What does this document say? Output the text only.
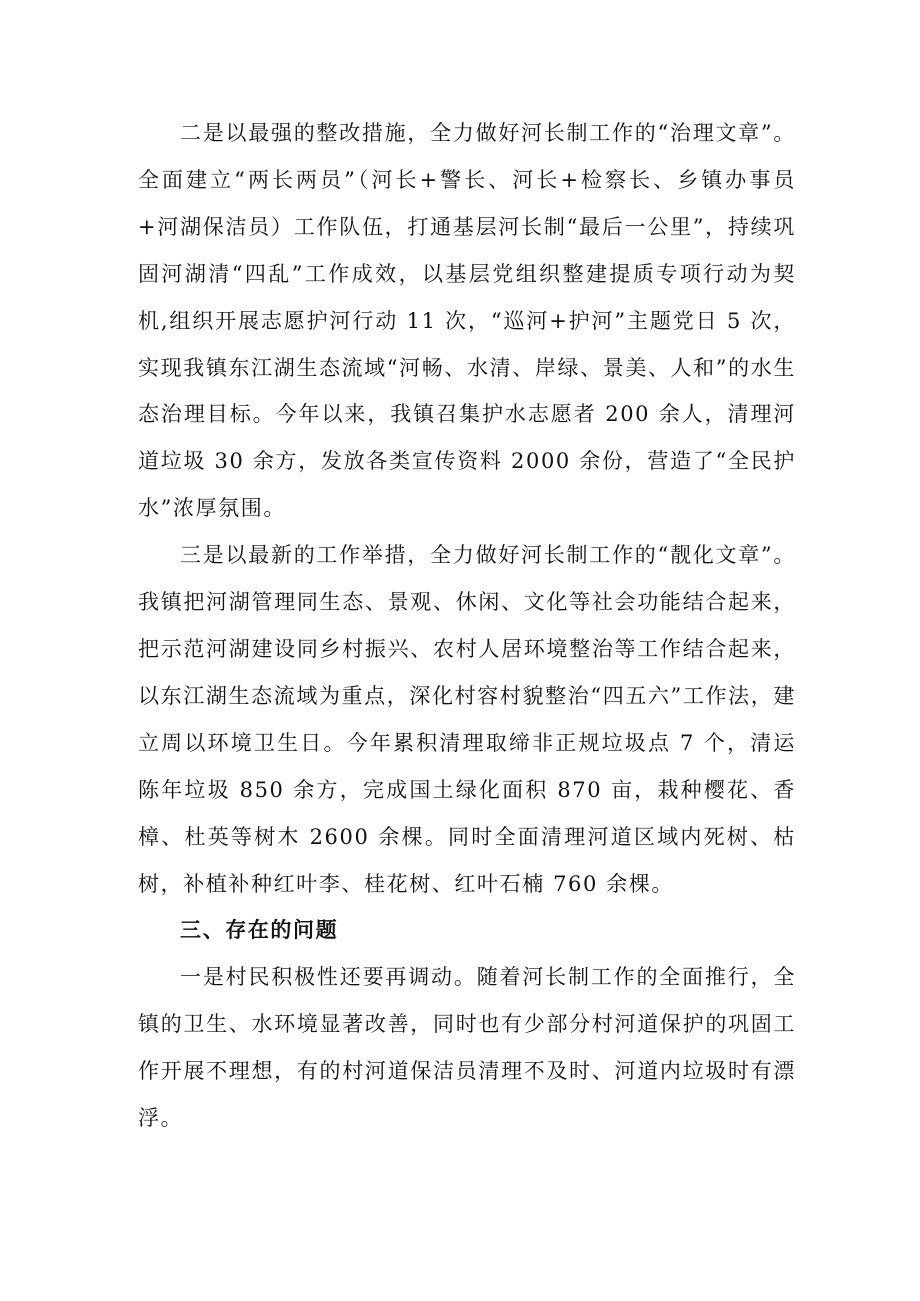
二是以最强的整改措施，全力做好河长制工作的“治理文章”。全面建立“两长两员”（河长+警长、河长+检察长、乡镇办事员+河湖保洁员）工作队伍，打通基层河长制“最后一公里”，持续巩固河湖清“四乱”工作成效，以基层党组织整建提质专项行动为契机,组织开展志愿护河行动 11 次，“巡河+护河”主题党日 5 次，实现我镇东江湖生态流域“河畅、水清、岸绿、景美、人和”的水生态治理目标。今年以来，我镇召集护水志愿者 200 余人，清理河道垃圾 30 余方，发放各类宣传资料 2000 余份，营造了“全民护水”浓厚氛围。

三是以最新的工作举措，全力做好河长制工作的“靓化文章”。我镇把河湖管理同生态、景观、休闲、文化等社会功能结合起来，把示范河湖建设同乡村振兴、农村人居环境整治等工作结合起来，以东江湖生态流域为重点，深化村容村貌整治“四五六”工作法，建立周以环境卫生日。今年累积清理取缔非正规垃圾点 7 个，清运陈年垃圾 850 余方，完成国土绿化面积 870 亩，栽种樱花、香樟、杜英等树木 2600 余棵。同时全面清理河道区域内死树、枯树，补植补种红叶李、桂花树、红叶石楠 760 余棵。

三、存在的问题

一是村民积极性还要再调动。随着河长制工作的全面推行，全镇的卫生、水环境显著改善，同时也有少部分村河道保护的巩固工作开展不理想，有的村河道保洁员清理不及时、河道内垃圾时有漂浮。
